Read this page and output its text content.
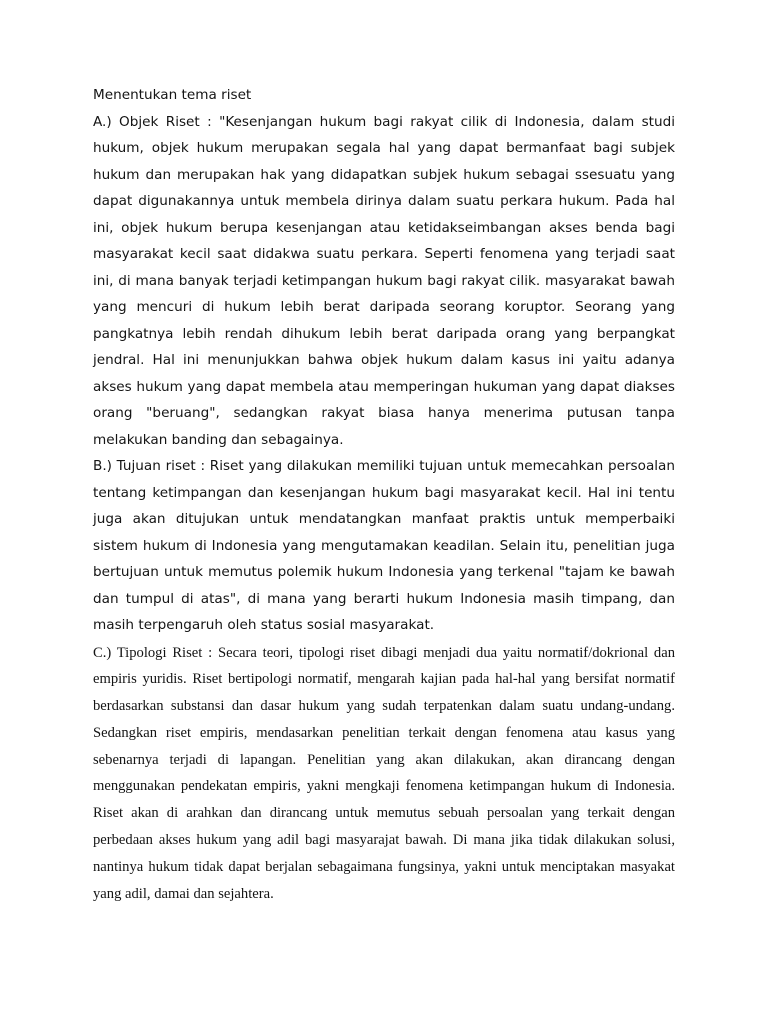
Menentukan tema riset

A.) Objek Riset : "Kesenjangan hukum bagi rakyat cilik di Indonesia, dalam studi hukum, objek hukum merupakan segala hal yang dapat bermanfaat bagi subjek hukum dan merupakan hak yang didapatkan subjek hukum sebagai ssesuatu yang dapat digunakannya untuk membela dirinya dalam suatu perkara hukum. Pada hal ini, objek hukum berupa kesenjangan atau ketidakseimbangan akses benda bagi masyarakat kecil saat didakwa suatu perkara. Seperti fenomena yang terjadi saat ini, di mana banyak terjadi ketimpangan hukum bagi rakyat cilik. masyarakat bawah yang mencuri di hukum lebih berat daripada seorang koruptor. Seorang yang pangkatnya lebih rendah dihukum lebih berat daripada orang yang berpangkat jendral. Hal ini menunjukkan bahwa objek hukum dalam kasus ini yaitu adanya akses hukum yang dapat membela atau memperingan hukuman yang dapat diakses orang "beruang", sedangkan rakyat biasa hanya menerima putusan tanpa melakukan banding dan sebagainya.

B.) Tujuan riset : Riset yang dilakukan memiliki tujuan untuk memecahkan persoalan tentang ketimpangan dan kesenjangan hukum bagi masyarakat kecil. Hal ini tentu juga akan ditujukan untuk mendatangkan manfaat praktis untuk memperbaiki sistem hukum di Indonesia yang mengutamakan keadilan. Selain itu, penelitian juga bertujuan untuk memutus polemik hukum Indonesia yang terkenal "tajam ke bawah dan tumpul di atas", di mana yang berarti hukum Indonesia masih timpang, dan masih terpengaruh oleh status sosial masyarakat.

C.) Tipologi Riset : Secara teori, tipologi riset dibagi menjadi dua yaitu normatif/dokrional dan empiris yuridis. Riset bertipologi normatif, mengarah kajian pada hal-hal yang bersifat normatif berdasarkan substansi dan dasar hukum yang sudah terpatenkan dalam suatu undang-undang. Sedangkan riset empiris, mendasarkan penelitian terkait dengan fenomena atau kasus yang sebenarnya terjadi di lapangan. Penelitian yang akan dilakukan, akan dirancang dengan menggunakan pendekatan empiris, yakni mengkaji fenomena ketimpangan hukum di Indonesia. Riset akan di arahkan dan dirancang untuk memutus sebuah persoalan yang terkait dengan perbedaan akses hukum yang adil bagi masyarajat bawah. Di mana jika tidak dilakukan solusi, nantinya hukum tidak dapat berjalan sebagaimana fungsinya, yakni untuk menciptakan masyakat yang adil, damai dan sejahtera.
